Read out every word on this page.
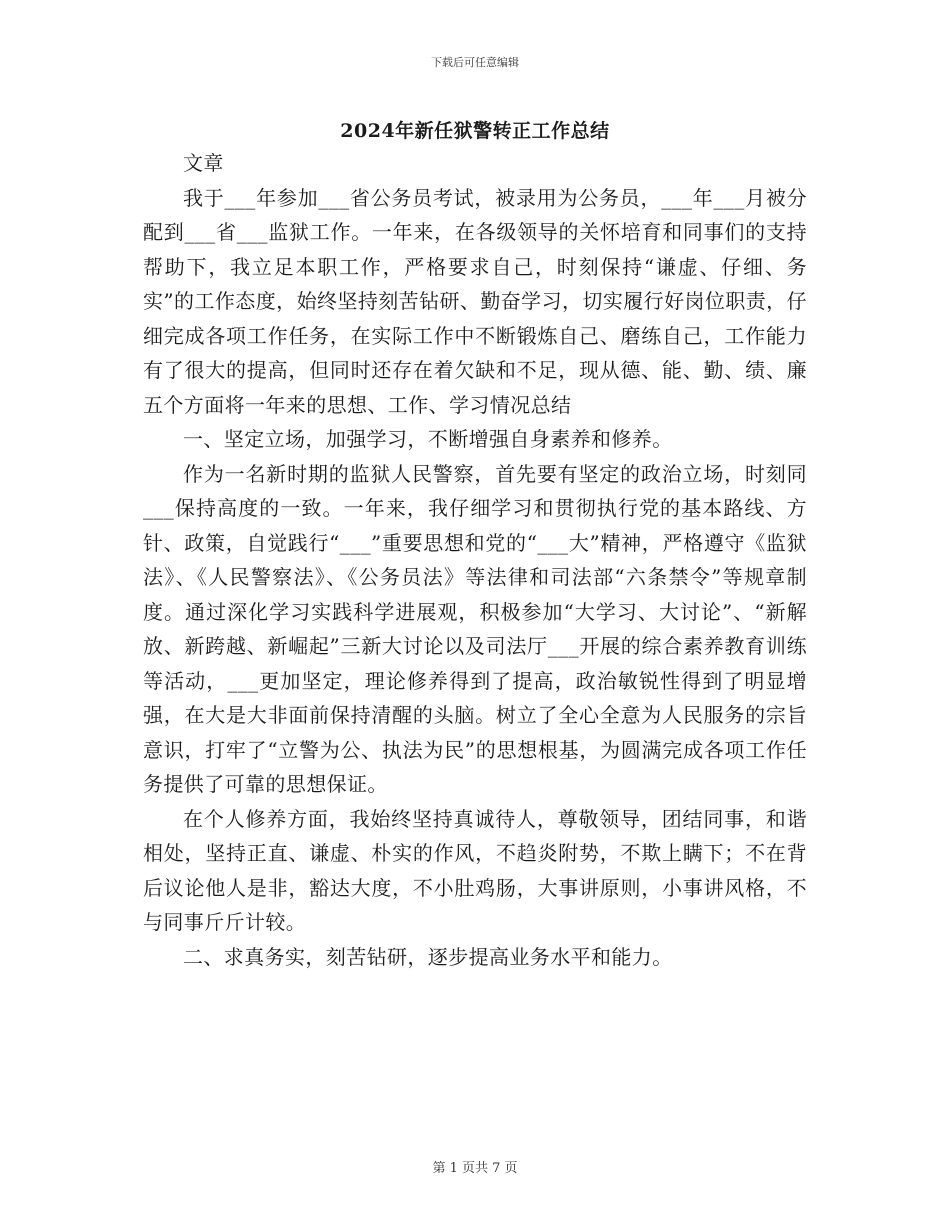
下载后可任意编辑
2024年新任狱警转正工作总结

文章

我于___年参加___省公务员考试，被录用为公务员，___年___月被分配到___省___监狱工作。一年来，在各级领导的关怀培育和同事们的支持帮助下，我立足本职工作，严格要求自己，时刻保持“谦虚、仔细、务实”的工作态度，始终坚持刻苦钻研、勤奋学习，切实履行好岗位职责，仔细完成各项工作任务，在实际工作中不断锻炼自己、磨练自己，工作能力有了很大的提高，但同时还存在着欠缺和不足，现从德、能、勤、绩、廉五个方面将一年来的思想、工作、学习情况总结

一、坚定立场，加强学习，不断增强自身素养和修养。

作为一名新时期的监狱人民警察，首先要有坚定的政治立场，时刻同___保持高度的一致。一年来，我仔细学习和贯彻执行党的基本路线、方针、政策，自觉践行“___”重要思想和党的“___大”精神，严格遵守《监狱法》、《人民警察法》、《公务员法》等法律和司法部“六条禁令”等规章制度。通过深化学习实践科学进展观，积极参加“大学习、大讨论”、“新解放、新跨越、新崛起”三新大讨论以及司法厅___开展的综合素养教育训练等活动，___更加坚定，理论修养得到了提高，政治敏锐性得到了明显增强，在大是大非面前保持清醒的头脑。树立了全心全意为人民服务的宗旨意识，打牢了“立警为公、执法为民”的思想根基，为圆满完成各项工作任务提供了可靠的思想保证。

在个人修养方面，我始终坚持真诚待人，尊敬领导，团结同事，和谐相处，坚持正直、谦虚、朴实的作风，不趋炎附势，不欺上瞒下；不在背后议论他人是非，豁达大度，不小肚鸡肠，大事讲原则，小事讲风格，不与同事斤斤计较。

二、求真务实，刻苦钻研，逐步提高业务水平和能力。

第 1 页共 7 页
